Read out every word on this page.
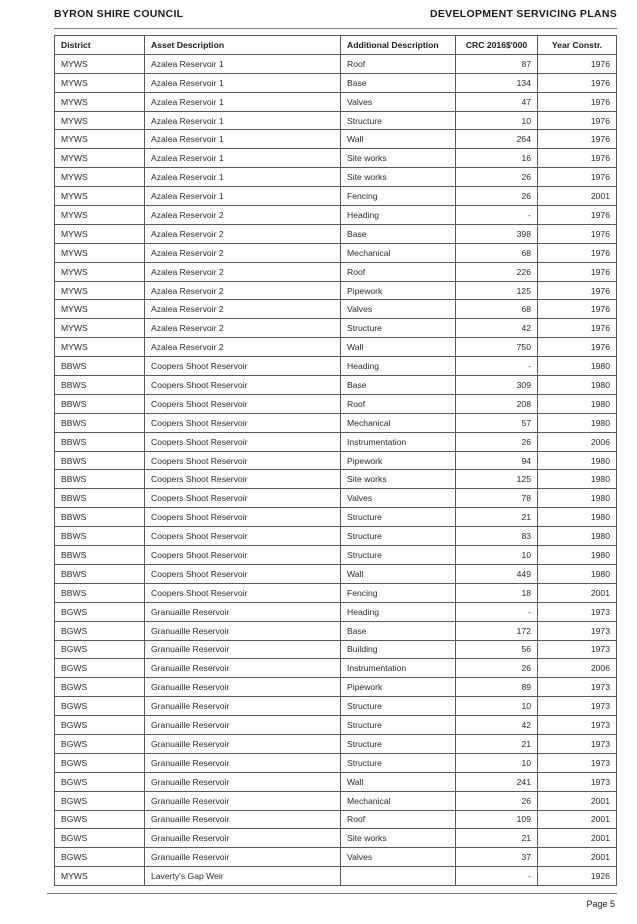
BYRON SHIRE COUNCIL	DEVELOPMENT SERVICING PLANS
District	Asset Description	Additional Description	CRC 2016$'000	Year Constr.
MYWS	Azalea Reservoir 1	Roof	87	1976
MYWS	Azalea Reservoir 1	Base	134	1976
MYWS	Azalea Reservoir 1	Valves	47	1976
MYWS	Azalea Reservoir 1	Structure	10	1976
MYWS	Azalea Reservoir 1	Wall	264	1976
MYWS	Azalea Reservoir 1	Site works	16	1976
MYWS	Azalea Reservoir 1	Site works	26	1976
MYWS	Azalea Reservoir 1	Fencing	26	2001
MYWS	Azalea Reservoir 2	Heading	-	1976
MYWS	Azalea Reservoir 2	Base	398	1976
MYWS	Azalea Reservoir 2	Mechanical	68	1976
MYWS	Azalea Reservoir 2	Roof	226	1976
MYWS	Azalea Reservoir 2	Pipework	125	1976
MYWS	Azalea Reservoir 2	Valves	68	1976
MYWS	Azalea Reservoir 2	Structure	42	1976
MYWS	Azalea Reservoir 2	Wall	750	1976
BBWS	Coopers Shoot Reservoir	Heading	-	1980
BBWS	Coopers Shoot Reservoir	Base	309	1980
BBWS	Coopers Shoot Reservoir	Roof	208	1980
BBWS	Coopers Shoot Reservoir	Mechanical	57	1980
BBWS	Coopers Shoot Reservoir	Instrumentation	26	2006
BBWS	Coopers Shoot Reservoir	Pipework	94	1980
BBWS	Coopers Shoot Reservoir	Site works	125	1980
BBWS	Coopers Shoot Reservoir	Valves	78	1980
BBWS	Coopers Shoot Reservoir	Structure	21	1980
BBWS	Coopers Shoot Reservoir	Structure	83	1980
BBWS	Coopers Shoot Reservoir	Structure	10	1980
BBWS	Coopers Shoot Reservoir	Wall	449	1980
BBWS	Coopers Shoot Reservoir	Fencing	18	2001
BGWS	Granuaille Reservoir	Heading	-	1973
BGWS	Granuaille Reservoir	Base	172	1973
BGWS	Granuaille Reservoir	Building	56	1973
BGWS	Granuaille Reservoir	Instrumentation	26	2006
BGWS	Granuaille Reservoir	Pipework	89	1973
BGWS	Granuaille Reservoir	Structure	10	1973
BGWS	Granuaille Reservoir	Structure	42	1973
BGWS	Granuaille Reservoir	Structure	21	1973
BGWS	Granuaille Reservoir	Structure	10	1973
BGWS	Granuaille Reservoir	Wall	241	1973
BGWS	Granuaille Reservoir	Mechanical	26	2001
BGWS	Granuaille Reservoir	Roof	109	2001
BGWS	Granuaille Reservoir	Site works	21	2001
BGWS	Granuaille Reservoir	Valves	37	2001
MYWS	Laverty's Gap Weir		-	1926
Page 5
